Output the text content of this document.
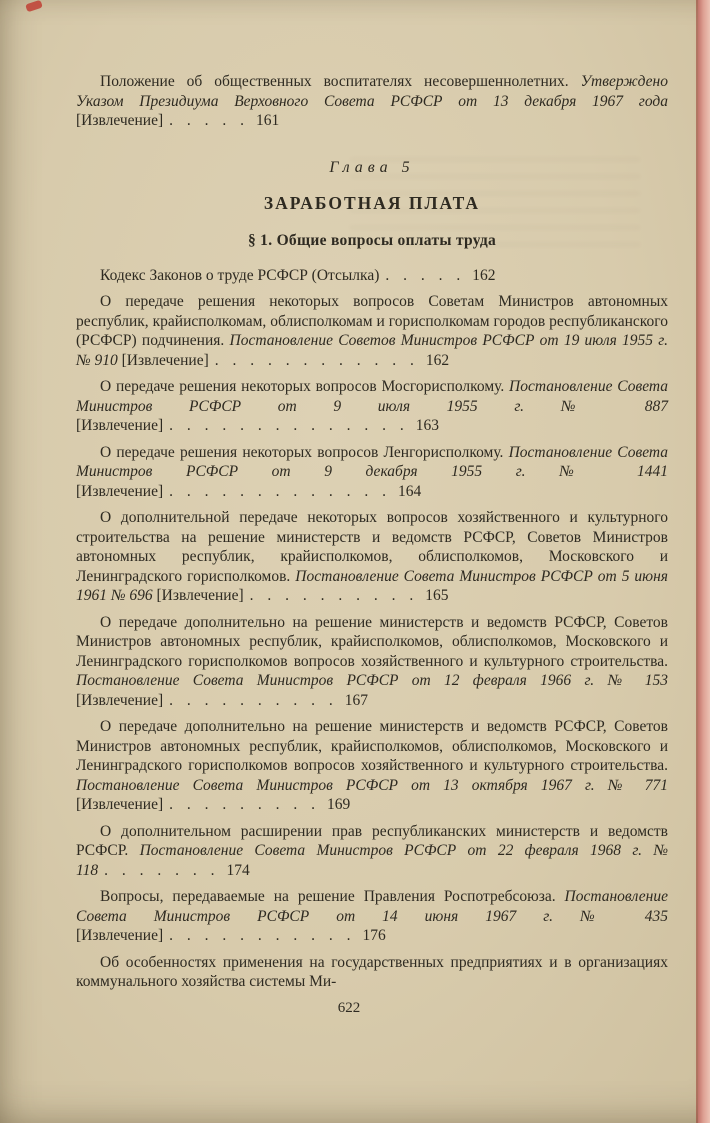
Положение об общественных воспитателях несовершеннолетних. Утверждено Указом Президиума Верховного Совета РСФСР от 13 декабря 1967 года [Извлечение] . . . . . 161

Глава 5
ЗАРАБОТНАЯ ПЛАТА
§ 1. Общие вопросы оплаты труда

Кодекс Законов о труде РСФСР (Отсылка) . . . . . 162

О передаче решения некоторых вопросов Советам Министров автономных республик, крайисполкомам, облисполкомам и горисполкомам городов республиканского (РСФСР) подчинения. Постановление Советов Министров РСФСР от 19 июля 1955 г. № 910 [Извлечение] . . . . . . . . . . . . 162

О передаче решения некоторых вопросов Мосгорисполкому. Постановление Совета Министров РСФСР от 9 июля 1955 г. № 887 [Извлечение] . . . . . . . . . . . . . . 163

О передаче решения некоторых вопросов Ленгорисполкому. Постановление Совета Министров РСФСР от 9 декабря 1955 г. № 1441 [Извлечение] . . . . . . . . . . . . . 164

О дополнительной передаче некоторых вопросов хозяйственного и культурного строительства на решение министерств и ведомств РСФСР, Советов Министров автономных республик, крайисполкомов, облисполкомов, Московского и Ленинградского горисполкомов. Постановление Совета Министров РСФСР от 5 июня 1961 № 696 [Извлечение] . . . . . . . . . . 165

О передаче дополнительно на решение министерств и ведомств РСФСР, Советов Министров автономных республик, крайисполкомов, облисполкомов, Московского и Ленинградского горисполкомов вопросов хозяйственного и культурного строительства. Постановление Совета Министров РСФСР от 12 февраля 1966 г. № 153 [Извлечение] . . . . . . . . . . 167

О передаче дополнительно на решение министерств и ведомств РСФСР, Советов Министров автономных республик, крайисполкомов, облисполкомов, Московского и Ленинградского горисполкомов вопросов хозяйственного и культурного строительства. Постановление Совета Министров РСФСР от 13 октября 1967 г. № 771 [Извлечение] . . . . . . . . . 169

О дополнительном расширении прав республиканских министерств и ведомств РСФСР. Постановление Совета Министров РСФСР от 22 февраля 1968 г. № 118 . . . . . . . 174

Вопросы, передаваемые на решение Правления Роспотребсоюза. Постановление Совета Министров РСФСР от 14 июня 1967 г. № 435 [Извлечение] . . . . . . . . . . . 176

Об особенностях применения на государственных предприятиях и в организациях коммунального хозяйства системы Ми-

622
